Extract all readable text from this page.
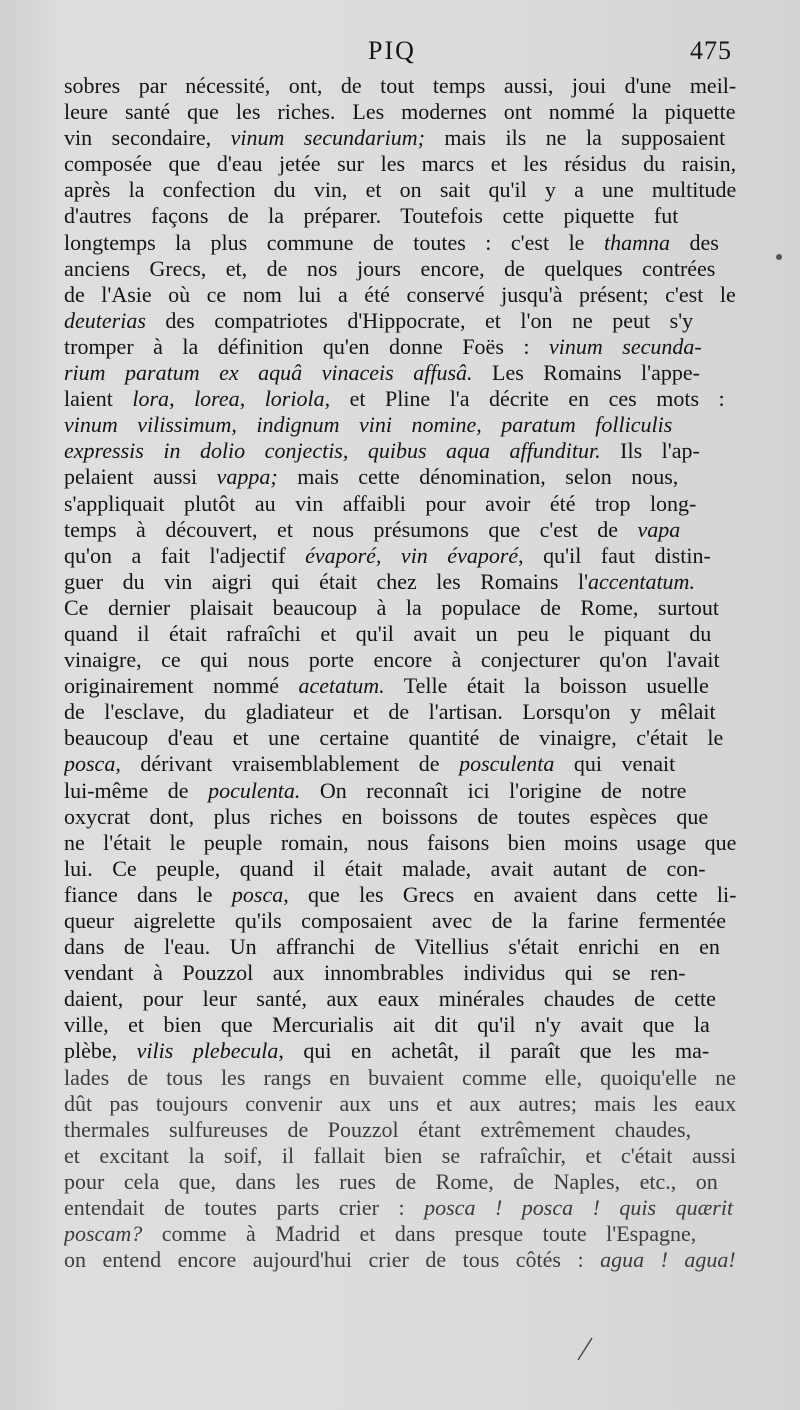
PIQ	475
sobres par nécessité, ont, de tout temps aussi, joui d'une meil-
leure santé que les riches. Les modernes ont nommé la piquette
vin secondaire, vinum secundarium; mais ils ne la supposaient
composée que d'eau jetée sur les marcs et les résidus du raisin,
après la confection du vin, et on sait qu'il y a une multitude
d'autres façons de la préparer. Toutefois cette piquette fut
longtemps la plus commune de toutes : c'est le thamna des
anciens Grecs, et, de nos jours encore, de quelques contrées
de l'Asie où ce nom lui a été conservé jusqu'à présent; c'est le
deuterias des compatriotes d'Hippocrate, et l'on ne peut s'y
tromper à la définition qu'en donne Foës : vinum secunda-
rium paratum ex aquâ vinaceis affusâ. Les Romains l'appe-
laient lora, lorea, loriola, et Pline l'a décrite en ces mots :
vinum vilissimum, indignum vini nomine, paratum folliculis
expressis in dolio conjectis, quibus aqua affunditur. Ils l'ap-
pelaient aussi vappa; mais cette dénomination, selon nous,
s'appliquait plutôt au vin affaibli pour avoir été trop long-
temps à découvert, et nous présumons que c'est de vapa
qu'on a fait l'adjectif évaporé, vin évaporé, qu'il faut distin-
guer du vin aigri qui était chez les Romains l'accentatum.
Ce dernier plaisait beaucoup à la populace de Rome, surtout
quand il était rafraîchi et qu'il avait un peu le piquant du
vinaigre, ce qui nous porte encore à conjecturer qu'on l'avait
originairement nommé acetatum. Telle était la boisson usuelle
de l'esclave, du gladiateur et de l'artisan. Lorsqu'on y mêlait
beaucoup d'eau et une certaine quantité de vinaigre, c'était le
posca, dérivant vraisemblablement de posculenta qui venait
lui-même de poculenta. On reconnaît ici l'origine de notre
oxycrat dont, plus riches en boissons de toutes espèces que
ne l'était le peuple romain, nous faisons bien moins usage que
lui. Ce peuple, quand il était malade, avait autant de con-
fiance dans le posca, que les Grecs en avaient dans cette li-
queur aigrelette qu'ils composaient avec de la farine fermentée
dans de l'eau. Un affranchi de Vitellius s'était enrichi en en
vendant à Pouzzol aux innombrables individus qui se ren-
daient, pour leur santé, aux eaux minérales chaudes de cette
ville, et bien que Mercurialis ait dit qu'il n'y avait que la
plèbe, vilis plebecula, qui en achetât, il paraît que les ma-
lades de tous les rangs en buvaient comme elle, quoiqu'elle ne
dût pas toujours convenir aux uns et aux autres; mais les eaux
thermales sulfureuses de Pouzzol étant extrêmement chaudes,
et excitant la soif, il fallait bien se rafraîchir, et c'était aussi
pour cela que, dans les rues de Rome, de Naples, etc., on
entendait de toutes parts crier : posca ! posca ! quis quærit
poscam? comme à Madrid et dans presque toute l'Espagne,
on entend encore aujourd'hui crier de tous côtés : agua ! agua!
